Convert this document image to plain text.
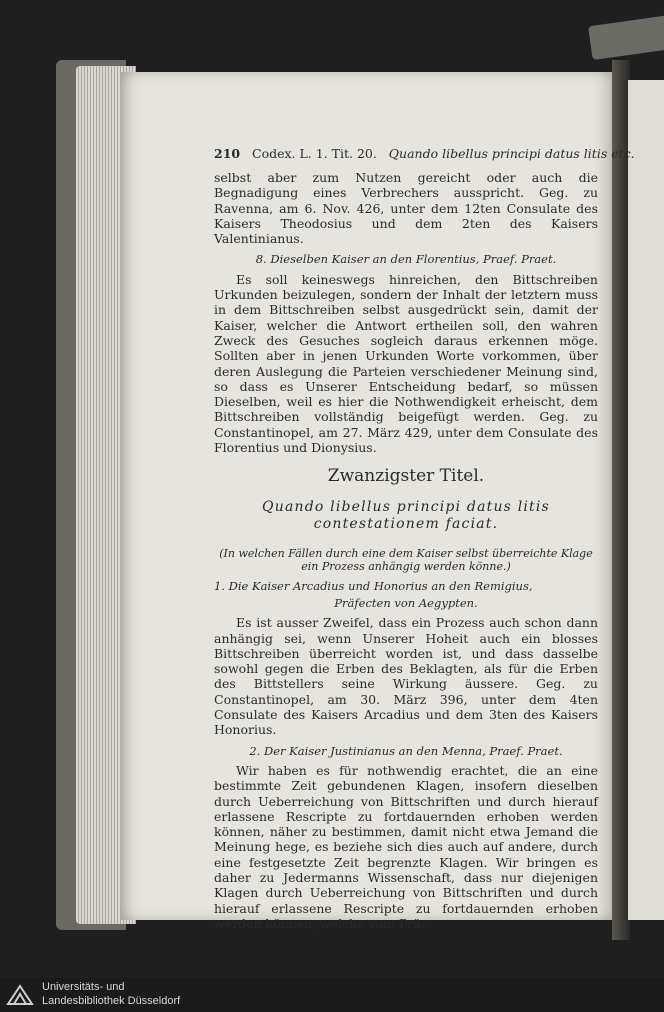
210 Codex. L. 1. Tit. 20. Quando libellus principi datus litis etc.

selbst aber zum Nutzen gereicht oder auch die Begnadigung eines Verbrechers ausspricht. Geg. zu Ravenna, am 6. Nov. 426, unter dem 12ten Consulate des Kaisers Theodosius und dem 2ten des Kaisers Valentinianus.

8. Dieselben Kaiser an den Florentius, Praef. Praet.

Es soll keineswegs hinreichen, den Bittschreiben Urkunden beizulegen, sondern der Inhalt der letztern muss in dem Bittschreiben selbst ausgedrückt sein, damit der Kaiser, welcher die Antwort ertheilen soll, den wahren Zweck des Gesuches sogleich daraus erkennen möge. Sollten aber in jenen Urkunden Worte vorkommen, über deren Auslegung die Parteien verschiedener Meinung sind, so dass es Unserer Entscheidung bedarf, so müssen Dieselben, weil es hier die Nothwendigkeit erheischt, dem Bittschreiben vollständig beigefügt werden. Geg. zu Constantinopel, am 27. März 429, unter dem Consulate des Florentius und Dionysius.

Zwanzigster Titel.

Quando libellus principi datus litis contestationem faciat.

(In welchen Fällen durch eine dem Kaiser selbst überreichte Klage ein Prozess anhängig werden könne.)

1. Die Kaiser Arcadius und Honorius an den Remigius,

Präfecten von Aegypten.

Es ist ausser Zweifel, dass ein Prozess auch schon dann anhängig sei, wenn Unserer Hoheit auch ein blosses Bittschreiben überreicht worden ist, und dass dasselbe sowohl gegen die Erben des Beklagten, als für die Erben des Bittstellers seine Wirkung äussere. Geg. zu Constantinopel, am 30. März 396, unter dem 4ten Consulate des Kaisers Arcadius und dem 3ten des Kaisers Honorius.

2. Der Kaiser Justinianus an den Menna, Praef. Praet.

Wir haben es für nothwendig erachtet, die an eine bestimmte Zeit gebundenen Klagen, insofern dieselben durch Ueberreichung von Bittschriften und durch hierauf erlassene Rescripte zu fortdauernden erhoben werden können, näher zu bestimmen, damit nicht etwa Jemand die Meinung hege, es beziehe sich dies auch auf andere, durch eine festgesetzte Zeit begrenzte Klagen. Wir bringen es daher zu Jedermanns Wissenschaft, dass nur diejenigen Klagen durch Ueberreichung von Bittschriften und durch hierauf erlassene Rescripte zu fortdauernden erhoben werden können, welche vom Prä-

Universitäts- und
Landesbibliothek Düsseldorf
